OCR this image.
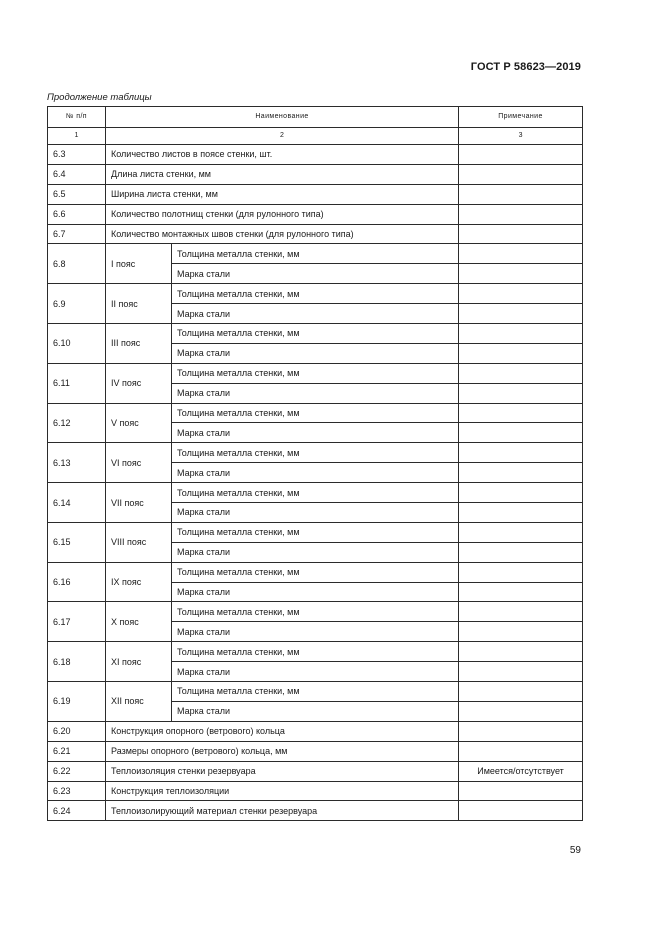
ГОСТ Р 58623—2019
Продолжение таблицы
№ п/п	Наименование		Примечание
1	2		3
6.3	Количество листов в поясе стенки, шт.		
6.4	Длина листа стенки, мм		
6.5	Ширина листа стенки, мм		
6.6	Количество полотнищ стенки (для рулонного типа)		
6.7	Количество монтажных швов стенки (для рулонного типа)		
6.8	I пояс	Толщина металла стенки, мм	
		Марка стали	
6.9	II пояс	Толщина металла стенки, мм	
		Марка стали	
6.10	III пояс	Толщина металла стенки, мм	
		Марка стали	
6.11	IV пояс	Толщина металла стенки, мм	
		Марка стали	
6.12	V пояс	Толщина металла стенки, мм	
		Марка стали	
6.13	VI пояс	Толщина металла стенки, мм	
		Марка стали	
6.14	VII пояс	Толщина металла стенки, мм	
		Марка стали	
6.15	VIII пояс	Толщина металла стенки, мм	
		Марка стали	
6.16	IX пояс	Толщина металла стенки, мм	
		Марка стали	
6.17	X пояс	Толщина металла стенки, мм	
		Марка стали	
6.18	XI пояс	Толщина металла стенки, мм	
		Марка стали	
6.19	XII пояс	Толщина металла стенки, мм	
		Марка стали	
6.20	Конструкция опорного (ветрового) кольца		
6.21	Размеры опорного (ветрового) кольца, мм		
6.22	Теплоизоляция стенки резервуара		Имеется/отсутствует
6.23	Конструкция теплоизоляции		
6.24	Теплоизолирующий материал стенки резервуара		
59
